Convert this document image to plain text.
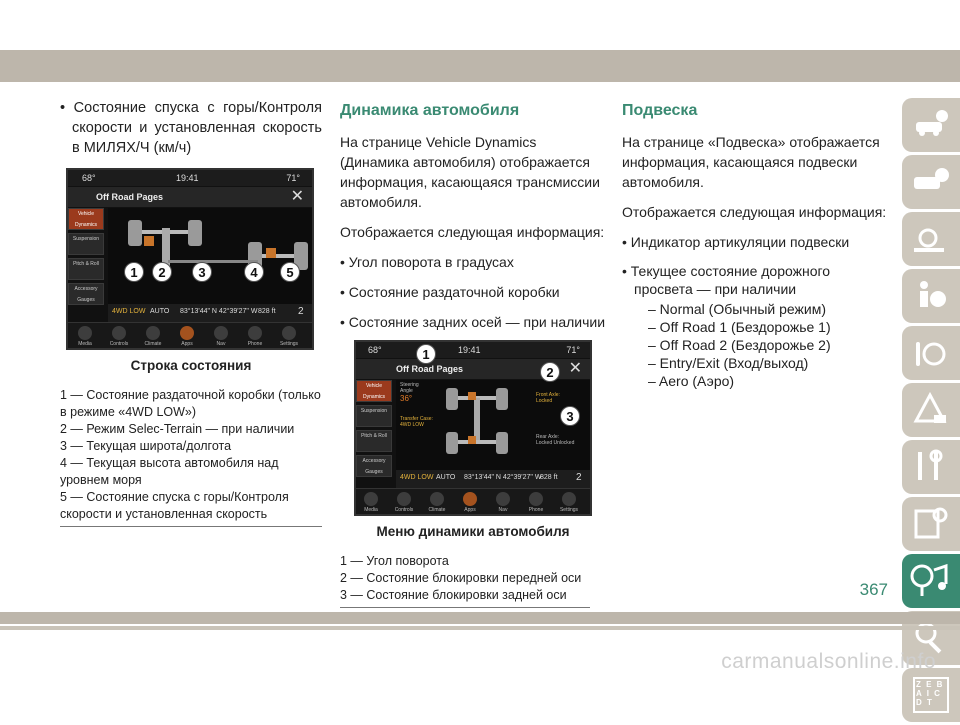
• Состояние спуска с горы/Контроля скорости и установленная скорость в МИЛЯХ/Ч (км/ч)
68°	19:41	71°
Off Road Pages	✕
Vehicle Dynamics
Suspension
Pitch & Roll
Accessory Gauges
4WD LOW AUTO 83°13'44" N 42°39'27" W 828 ft 2
Media	Controls	Climate	Apps	Nav	Phone	Settings
1	2	3	4	5
Строка состояния
1 — Состояние раздаточной коробки (только в режиме «4WD LOW»)
2 — Режим Selec-Terrain — при наличии
3 — Текущая широта/долгота
4 — Текущая высота автомобиля над уровнем моря
5 — Состояние спуска с горы/Контроля скорости и установленная скорость
Динамика автомобиля

На странице Vehicle Dynamics (Динамика автомобиля) отображается информация, касающаяся трансмиссии автомобиля.

Отображается следующая информация:

• Угол поворота в градусах

• Состояние раздаточной коробки

• Состояние задних осей — при наличии

68°	19:41	71°
Off Road Pages	✕
Vehicle Dynamics
Suspension
Pitch & Roll
Accessory Gauges
Steering Angle
36°
Transfer Case: 4WD LOW
Front Axle: Locked
Rear Axle: Locked Unlocked
4WD LOW AUTO 83°13'44" N 42°39'27" W
828 ft 2
Media	Controls	Climate	Apps	Nav	Phone	Settings
1
2
3
Меню динамики автомобиля
1 — Угол поворота
2 — Состояние блокировки передней оси
3 — Состояние блокировки задней оси
Подвеска

На странице «Подвеска» отображается информация, касающаяся подвески автомобиля.

Отображается следующая информация:

• Индикатор артикуляции подвески

• Текущее состояние дорожного просвета — при наличии
– Normal (Обычный режим)
– Off Road 1 (Бездорожье 1)
– Off Road 2 (Бездорожье 2)
– Entry/Exit (Вход/выход)
– Aero (Аэро)
Z E B A I C D T
367
carmanualsonline.info
